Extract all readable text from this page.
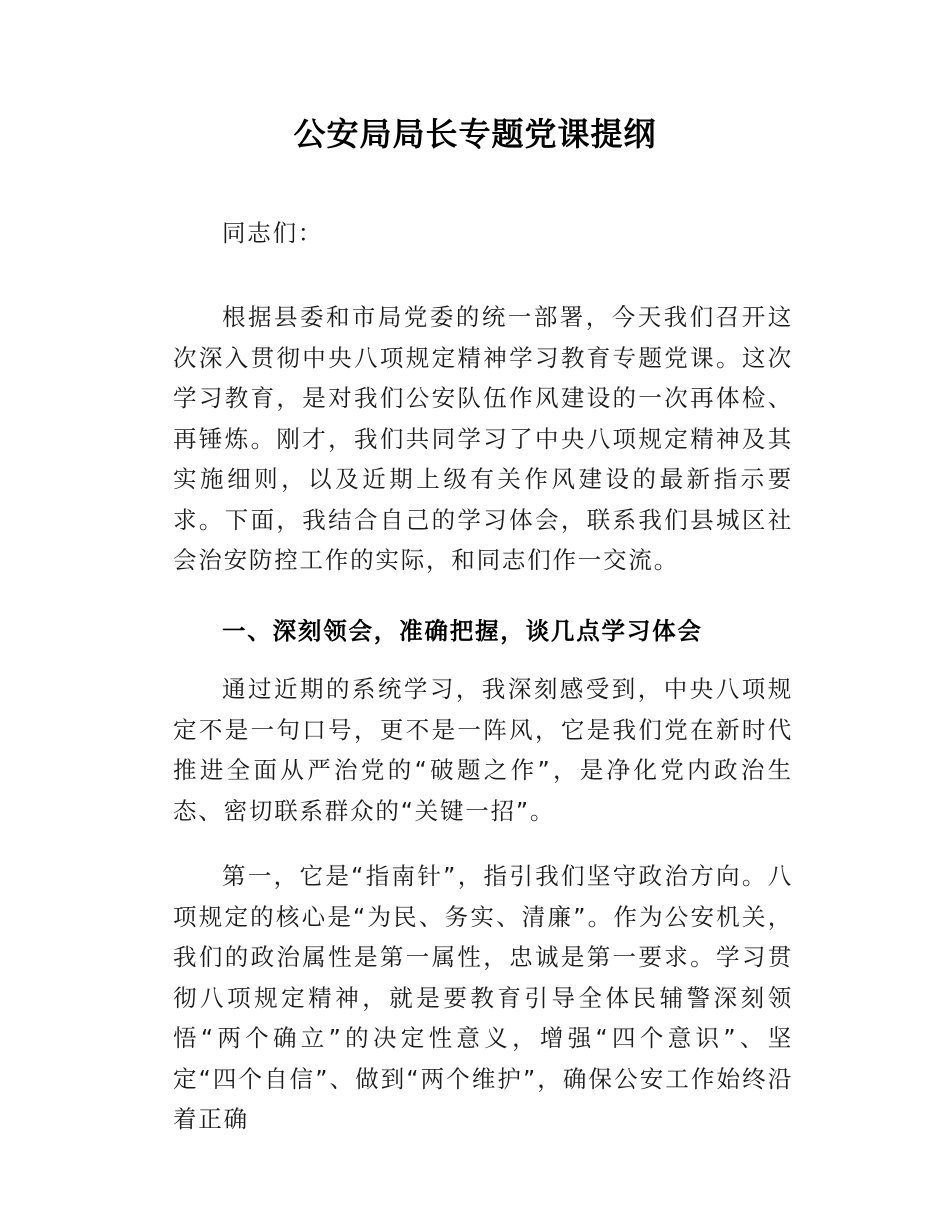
公安局局长专题党课提纲

同志们：

根据县委和市局党委的统一部署，今天我们召开这次深入贯彻中央八项规定精神学习教育专题党课。这次学习教育，是对我们公安队伍作风建设的一次再体检、再锤炼。刚才，我们共同学习了中央八项规定精神及其实施细则，以及近期上级有关作风建设的最新指示要求。下面，我结合自己的学习体会，联系我们县城区社会治安防控工作的实际，和同志们作一交流。

一、深刻领会，准确把握，谈几点学习体会

通过近期的系统学习，我深刻感受到，中央八项规定不是一句口号，更不是一阵风，它是我们党在新时代推进全面从严治党的“破题之作”，是净化党内政治生态、密切联系群众的“关键一招”。

第一，它是“指南针”，指引我们坚守政治方向。八项规定的核心是“为民、务实、清廉”。作为公安机关，我们的政治属性是第一属性，忠诚是第一要求。学习贯彻八项规定精神，就是要教育引导全体民辅警深刻领悟“两个确立”的决定性意义，增强“四个意识”、坚定“四个自信”、做到“两个维护”，确保公安工作始终沿着正确
